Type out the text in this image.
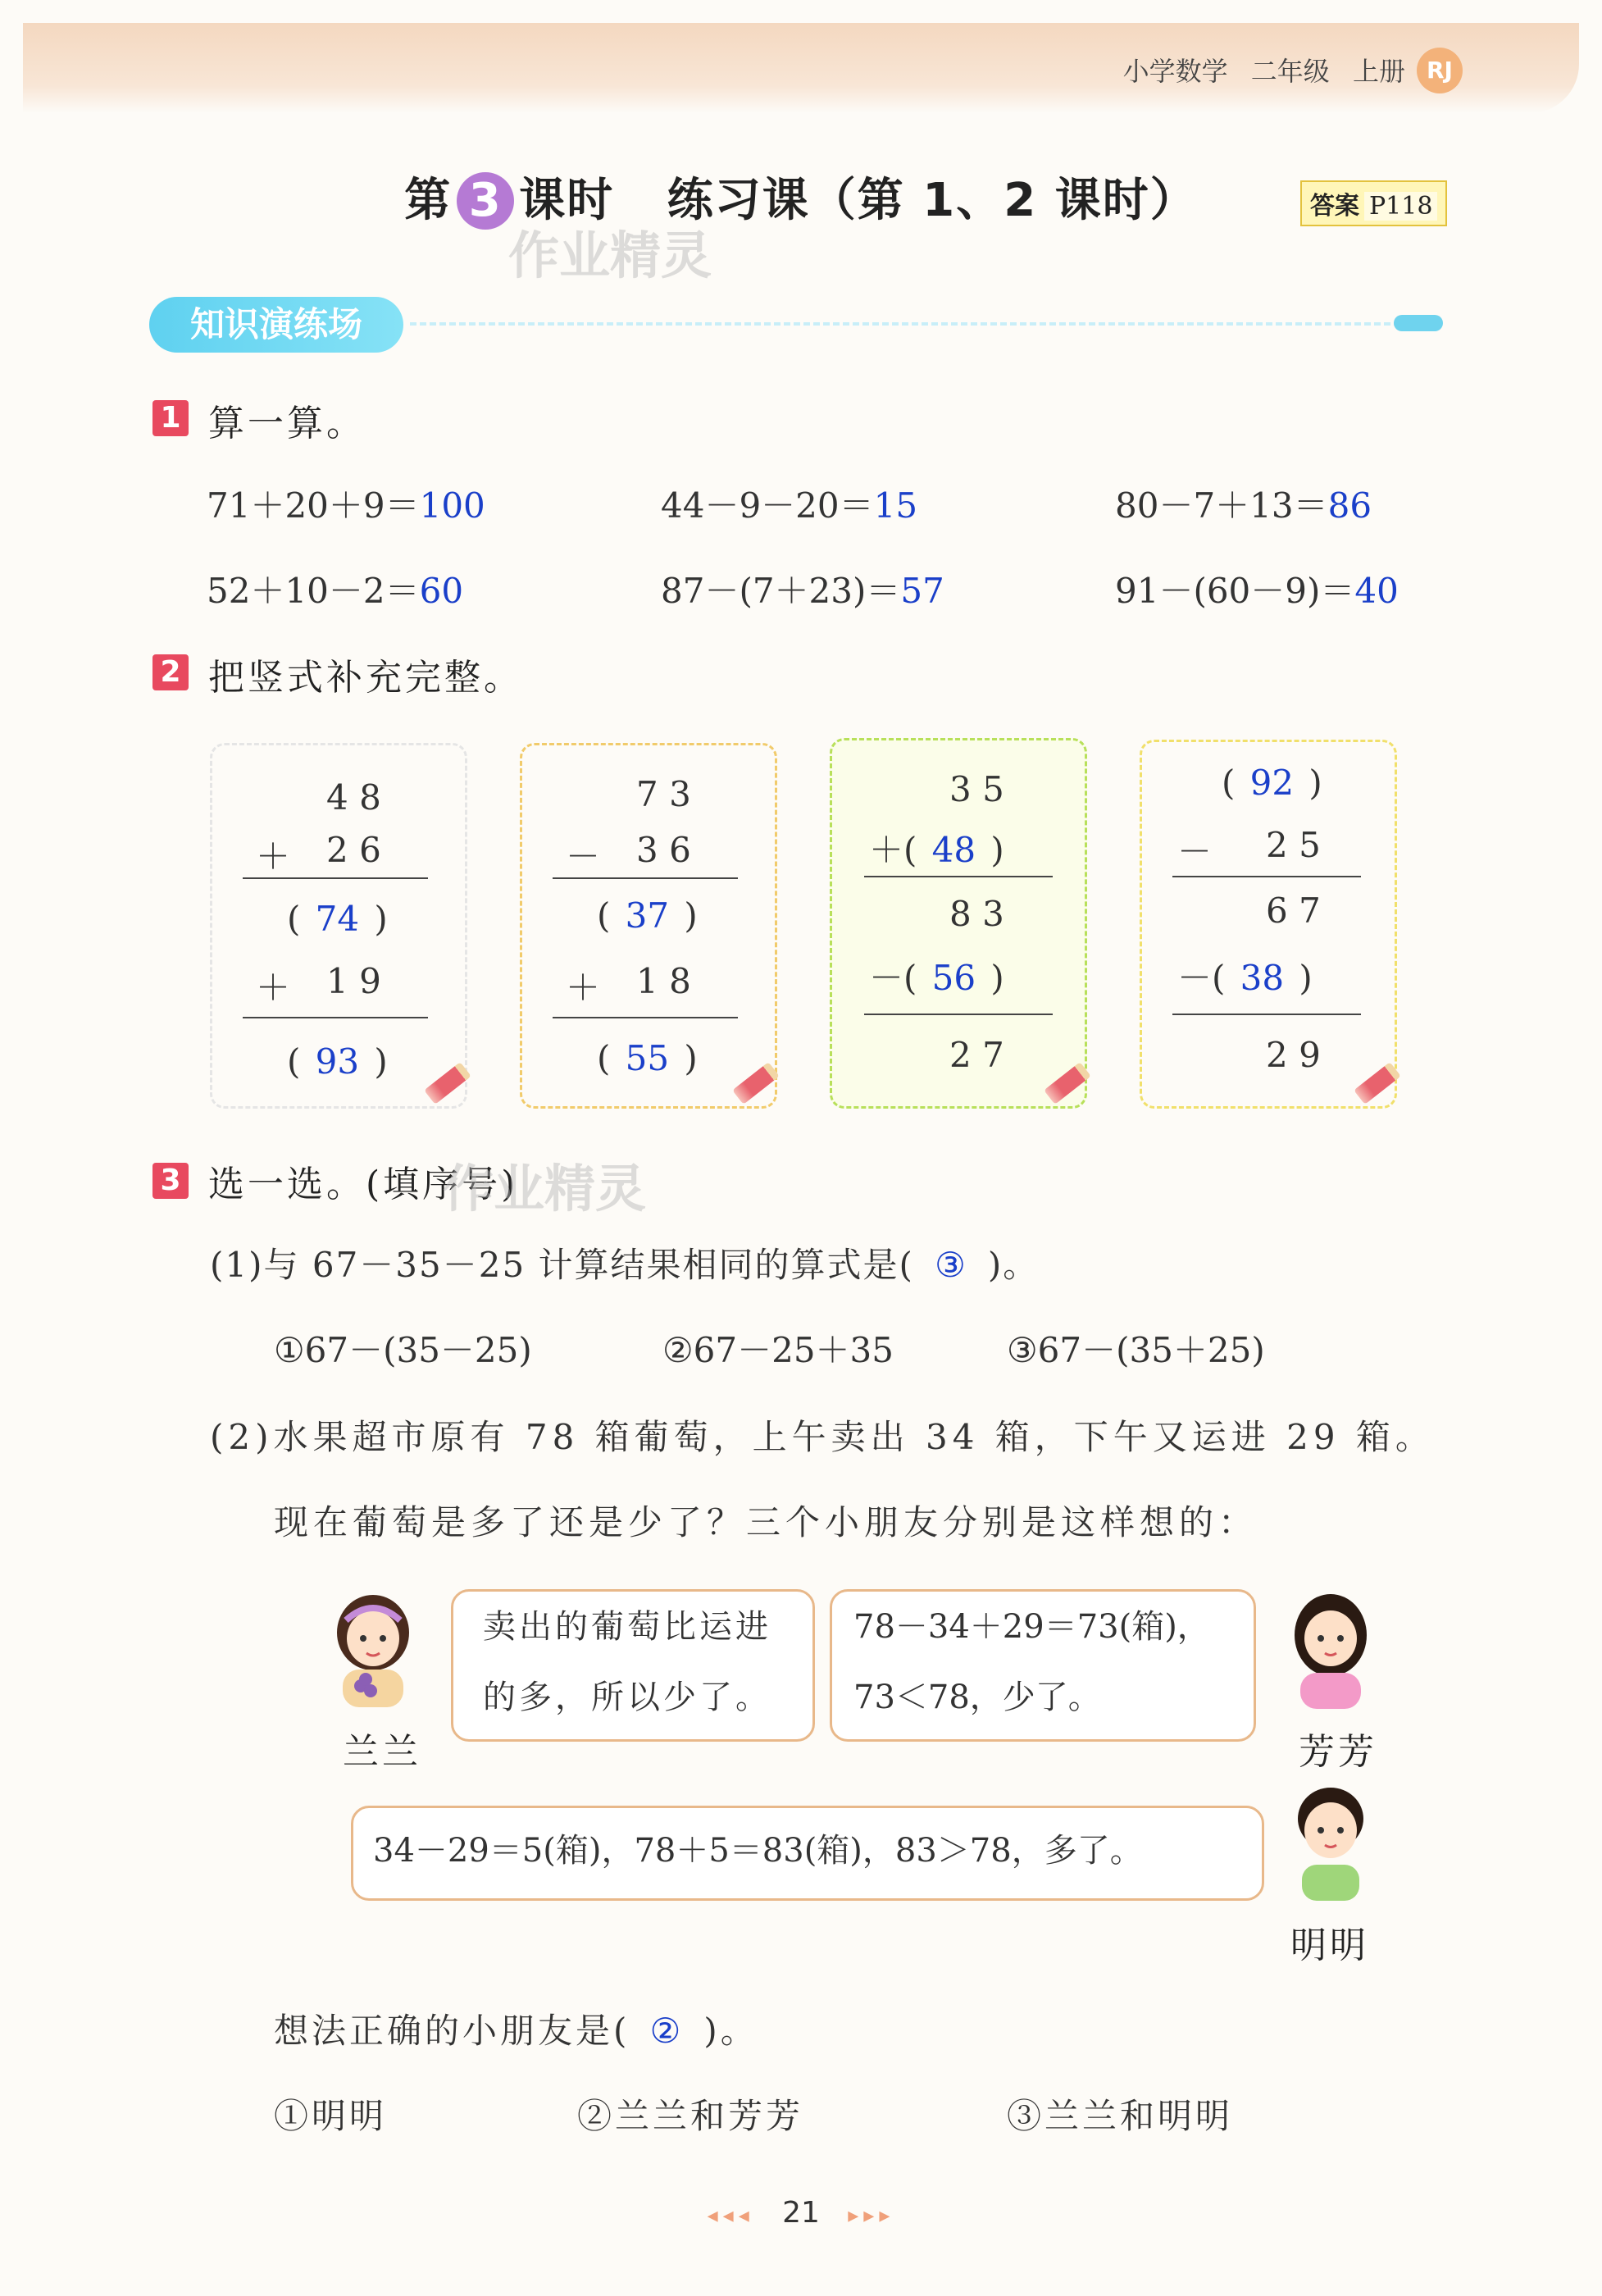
小学数学 二年级 上册 RJ
第 3 课时 练习课（第 1、2 课时）	答案 P118
作业精灵
知识演练场
1 算一算。
71＋20＋9＝100	44－9－20＝15	80－7＋13＝86
52＋10－2＝60	87－(7＋23)＝57	91－(60－9)＝40
2 把竖式补充完整。
4 8
＋ 2 6
( 74 )
＋ 1 9
( 93 )
7 3
－ 3 6
( 37 )
＋ 1 8
( 55 )
3 5
＋( 48 )
8 3
－( 56 )
2 7
( 92 )
－ 2 5
6 7
－( 38 )
2 9
3 选一选。(填序号)
作业精灵
(1)与 67－35－25 计算结果相同的算式是( ③ )。
①67－(35－25)	②67－25＋35	③67－(35＋25)
(2)水果超市原有 78 箱葡萄，上午卖出 34 箱，下午又运进 29 箱。
现在葡萄是多了还是少了？三个小朋友分别是这样想的：
兰兰
卖出的葡萄比运进
的多，所以少了。
78－34＋29＝73(箱)，
73＜78，少了。
芳芳
34－29＝5(箱)，78＋5＝83(箱)，83＞78，多了。
明明
想法正确的小朋友是( ② )。
①明明	②兰兰和芳芳	③兰兰和明明
◂◂◂ 21 ▸▸▸
